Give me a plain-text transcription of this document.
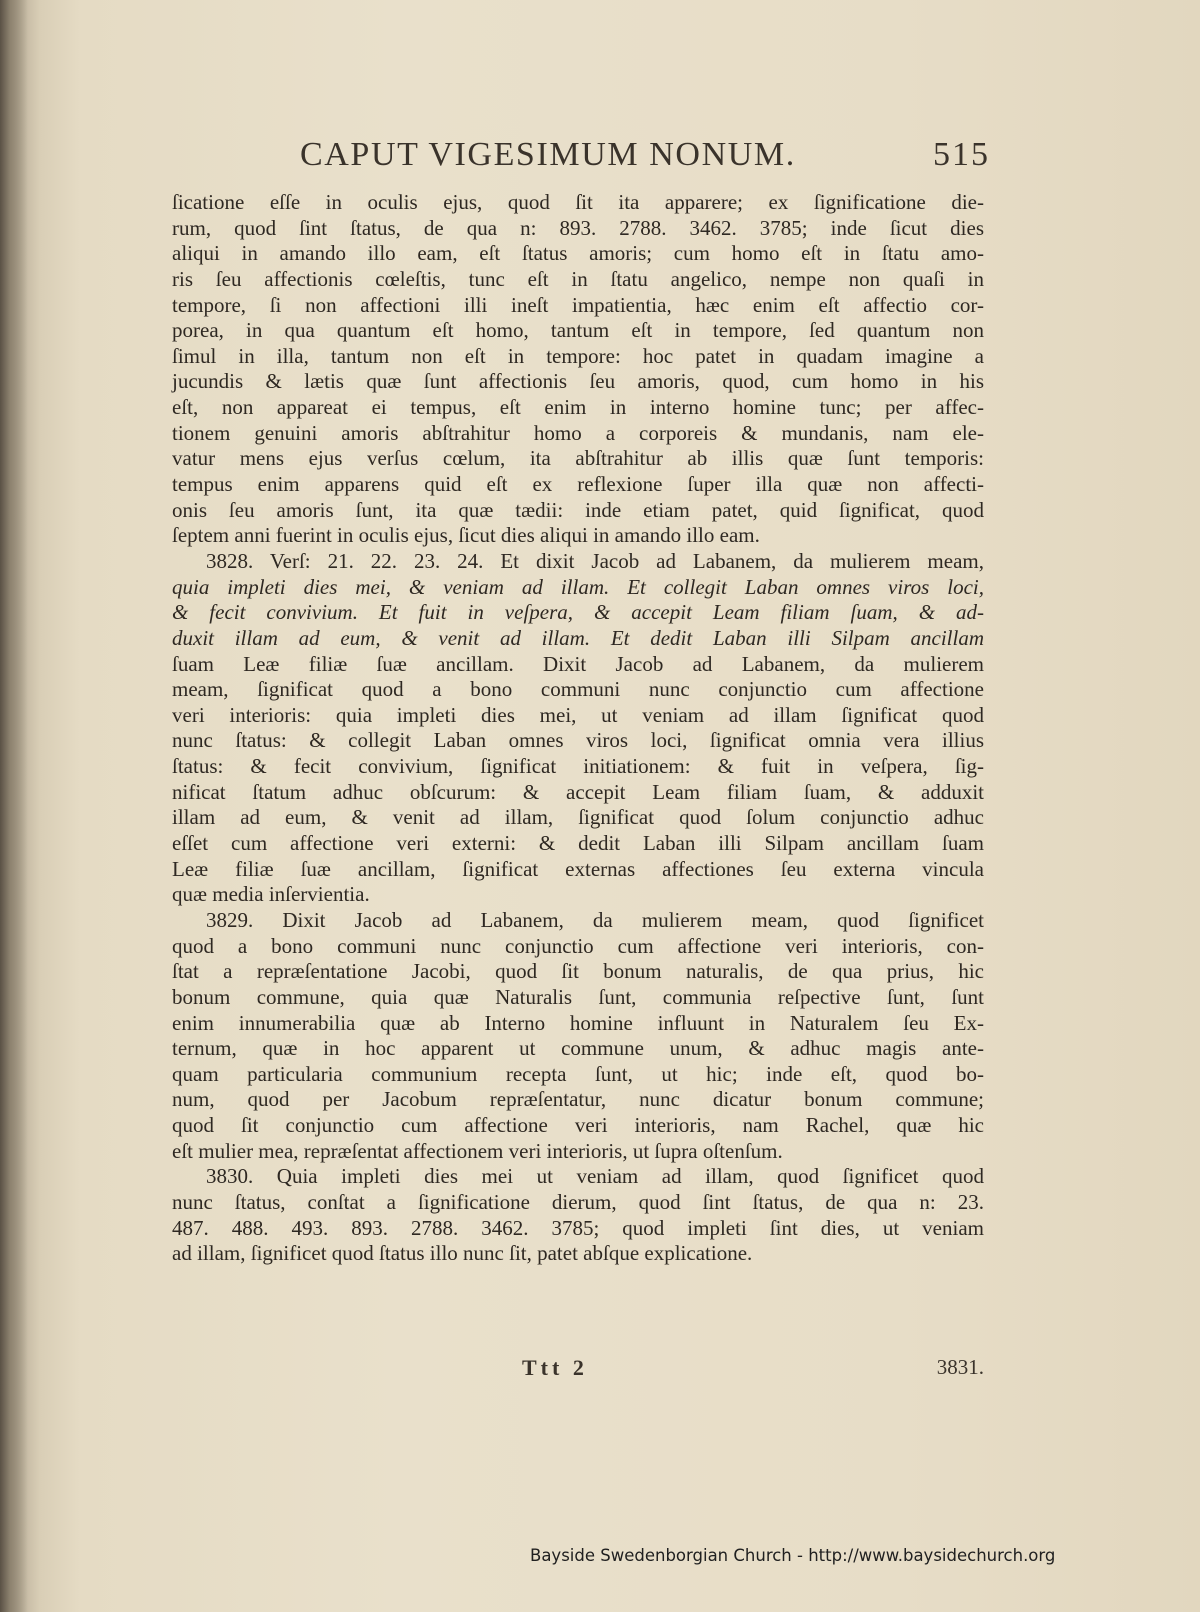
CAPUT VIGESIMUM NONUM.	515
ſicatione eſſe in oculis ejus, quod ſit ita apparere; ex ſignificatione die-
rum, quod ſint ſtatus, de qua n: 893. 2788. 3462. 3785; inde ſicut dies
aliqui in amando illo eam, eſt ſtatus amoris; cum homo eſt in ſtatu amo-
ris ſeu affectionis cœleſtis, tunc eſt in ſtatu angelico, nempe non quaſi in
tempore, ſi non affectioni illi ineſt impatientia, hæc enim eſt affectio cor-
porea, in qua quantum eſt homo, tantum eſt in tempore, ſed quantum non
ſimul in illa, tantum non eſt in tempore: hoc patet in quadam imagine a
jucundis & lætis quæ ſunt affectionis ſeu amoris, quod, cum homo in his
eſt, non appareat ei tempus, eſt enim in interno homine tunc; per affec-
tionem genuini amoris abſtrahitur homo a corporeis & mundanis, nam ele-
vatur mens ejus verſus cœlum, ita abſtrahitur ab illis quæ ſunt temporis:
tempus enim apparens quid eſt ex reflexione ſuper illa quæ non affecti-
onis ſeu amoris ſunt, ita quæ tædii: inde etiam patet, quid ſignificat, quod
ſeptem anni fuerint in oculis ejus, ſicut dies aliqui in amando illo eam.
3828. Verſ: 21. 22. 23. 24. Et dixit Jacob ad Labanem, da mulierem meam,
quia impleti dies mei, & veniam ad illam. Et collegit Laban omnes viros loci,
& fecit convivium. Et fuit in veſpera, & accepit Leam filiam ſuam, & ad-
duxit illam ad eum, & venit ad illam. Et dedit Laban illi Silpam ancillam
ſuam Leæ filiæ ſuæ ancillam. Dixit Jacob ad Labanem, da mulierem
meam, ſignificat quod a bono communi nunc conjunctio cum affectione
veri interioris: quia impleti dies mei, ut veniam ad illam ſignificat quod
nunc ſtatus: & collegit Laban omnes viros loci, ſignificat omnia vera illius
ſtatus: & fecit convivium, ſignificat initiationem: & fuit in veſpera, ſig-
nificat ſtatum adhuc obſcurum: & accepit Leam filiam ſuam, & adduxit
illam ad eum, & venit ad illam, ſignificat quod ſolum conjunctio adhuc
eſſet cum affectione veri externi: & dedit Laban illi Silpam ancillam ſuam
Leæ filiæ ſuæ ancillam, ſignificat externas affectiones ſeu externa vincula
quæ media inſervientia.
3829. Dixit Jacob ad Labanem, da mulierem meam, quod ſignificet
quod a bono communi nunc conjunctio cum affectione veri interioris, con-
ſtat a repræſentatione Jacobi, quod ſit bonum naturalis, de qua prius, hic
bonum commune, quia quæ Naturalis ſunt, communia reſpective ſunt, ſunt
enim innumerabilia quæ ab Interno homine influunt in Naturalem ſeu Ex-
ternum, quæ in hoc apparent ut commune unum, & adhuc magis ante-
quam particularia communium recepta ſunt, ut hic; inde eſt, quod bo-
num, quod per Jacobum repræſentatur, nunc dicatur bonum commune;
quod ſit conjunctio cum affectione veri interioris, nam Rachel, quæ hic
eſt mulier mea, repræſentat affectionem veri interioris, ut ſupra oſtenſum.
3830. Quia impleti dies mei ut veniam ad illam, quod ſignificet quod
nunc ſtatus, conſtat a ſignificatione dierum, quod ſint ſtatus, de qua n: 23.
487. 488. 493. 893. 2788. 3462. 3785; quod impleti ſint dies, ut veniam
ad illam, ſignificet quod ſtatus illo nunc ſit, patet abſque explicatione.
Ttt 2	3831.
Bayside Swedenborgian Church - http://www.baysidechurch.org
